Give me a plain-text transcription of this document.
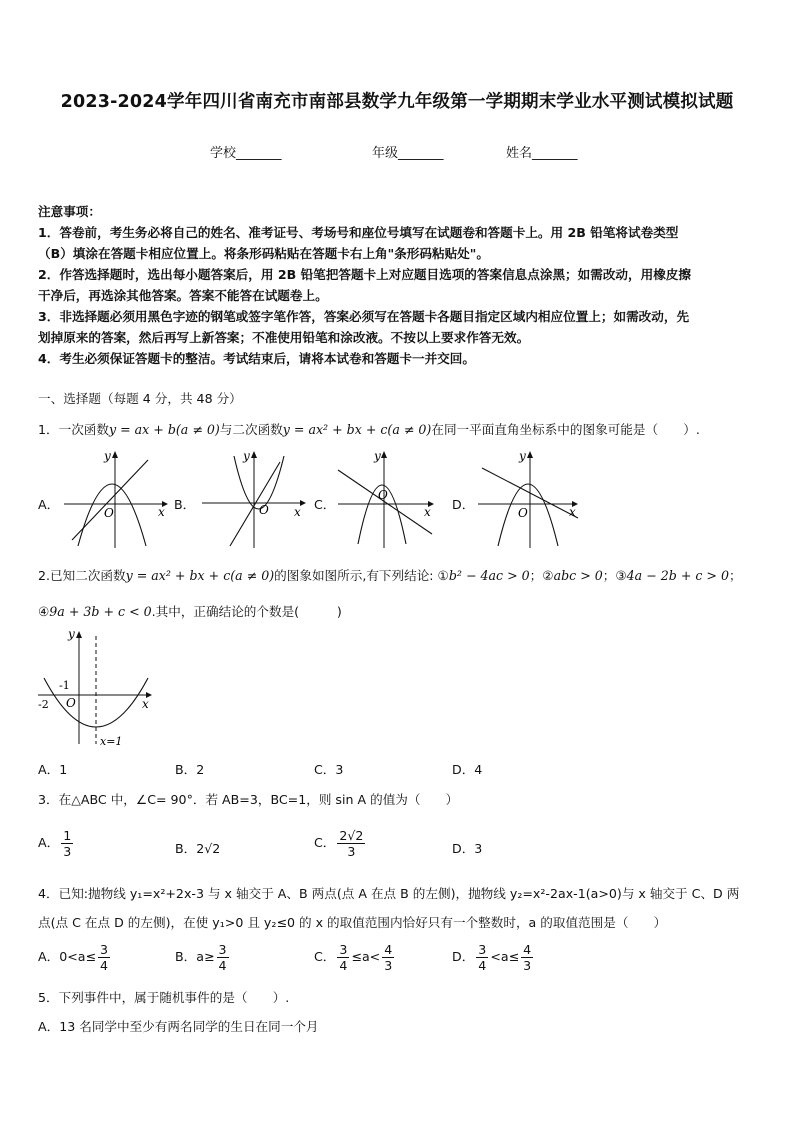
2023-2024学年四川省南充市南部县数学九年级第一学期期末学业水平测试模拟试题
学校_______	年级_______	姓名_______
注意事项：
1．答卷前，考生务必将自己的姓名、准考证号、考场号和座位号填写在试题卷和答题卡上。用 2B 铅笔将试卷类型
（B）填涂在答题卡相应位置上。将条形码粘贴在答题卡右上角"条形码粘贴处"。
2．作答选择题时，选出每小题答案后，用 2B 铅笔把答题卡上对应题目选项的答案信息点涂黑；如需改动，用橡皮擦
干净后，再选涂其他答案。答案不能答在试题卷上。
3．非选择题必须用黑色字迹的钢笔或签字笔作答，答案必须写在答题卡各题目指定区域内相应位置上；如需改动，先
划掉原来的答案，然后再写上新答案；不准使用铅笔和涂改液。不按以上要求作答无效。
4．考生必须保证答题卡的整洁。考试结束后，请将本试卷和答题卡一并交回。
一、选择题（每题 4 分，共 48 分）
1．一次函数y = ax + b(a ≠ 0)与二次函数y = ax² + bx + c(a ≠ 0)在同一平面直角坐标系中的图象可能是（　　）.
A．
y
x
O
B．
y
x
O	C．
y
x
O
D．
y
x
O
2.已知二次函数y = ax² + bx + c(a ≠ 0)的图象如图所示,有下列结论: ①b² − 4ac > 0；②abc > 0；③4a − 2b + c > 0；
④9a + 3b + c < 0.其中，正确结论的个数是(　　　)
y
x
O
-1
-2
x=1
A．1	B．2	C．3	D．4
3．在△ABC 中，∠C= 90°．若 AB=3，BC=1，则 sin A 的值为（　　）
A． $\frac{1}{3}$	B．2√2	C． $\frac{2√2}{3}$	D．3
4．已知:抛物线 y₁=x²+2x-3 与 x 轴交于 A、B 两点(点 A 在点 B 的左侧)，抛物线 y₂=x²-2ax-1(a>0)与 x 轴交于 C、D 两
点(点 C 在点 D 的左侧)，在使 y₁>0 且 y₂≤0 的 x 的取值范围内恰好只有一个整数时，a 的取值范围是（　　）
A．$0<a\le \frac{3}{4}$	B．$a\ge \frac{3}{4}$	C． $\frac{3}{4} \le a< \frac{4}{3}$	D． $\frac{3}{4} <a\le \frac{4}{3}$
5．下列事件中，属于随机事件的是（　　）.
A．13 名同学中至少有两名同学的生日在同一个月
